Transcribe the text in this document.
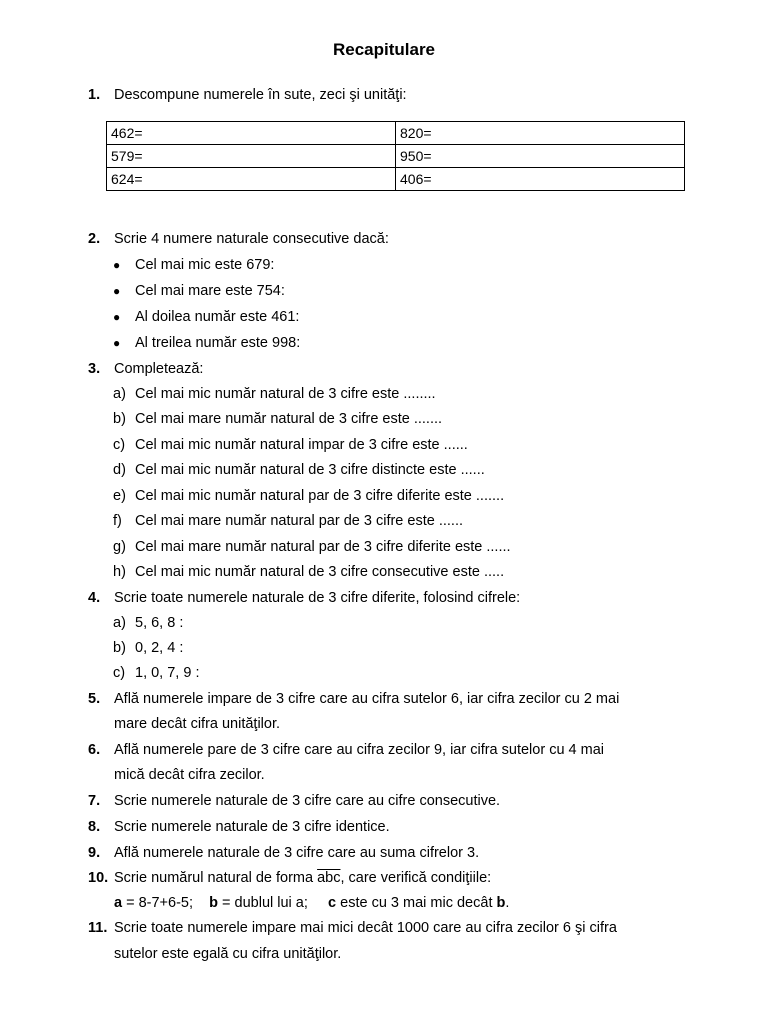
Recapitulare
1. Descompune numerele în sute, zeci şi unităţi:
462=	820=
579=	950=
624=	406=
2. Scrie 4 numere naturale consecutive dacă:
● Cel mai mic este 679:
● Cel mai mare este 754:
● Al doilea număr este 461:
● Al treilea număr este 998:
3. Completează:
a) Cel mai mic număr natural de 3 cifre este ........
b) Cel mai mare număr natural de 3 cifre este .......
c) Cel mai mic număr natural impar de 3 cifre este ......
d) Cel mai mic număr natural de 3 cifre distincte este ......
e) Cel mai mic număr natural par de 3 cifre diferite este .......
f) Cel mai mare număr natural par de 3 cifre este ......
g) Cel mai mare număr natural par de 3 cifre diferite este ......
h) Cel mai mic număr natural de 3 cifre consecutive este .....
4. Scrie toate numerele naturale de 3 cifre diferite, folosind cifrele:
a) 5, 6, 8 :
b) 0, 2, 4 :
c) 1, 0, 7, 9 :
5. Află numerele impare de 3 cifre care au cifra sutelor 6, iar cifra zecilor cu 2 mai
mare decât cifra unităţilor.
6. Află numerele pare de 3 cifre care au cifra zecilor 9, iar cifra sutelor cu 4 mai
mică decât cifra zecilor.
7. Scrie numerele naturale de 3 cifre care au cifre consecutive.
8. Scrie numerele naturale de 3 cifre identice.
9. Află numerele naturale de 3 cifre care au suma cifrelor 3.
10. Scrie numărul natural de forma $\overline{abc}$, care verifică condiţiile:
a = 8-7+6-5; b = dublul lui a; c este cu 3 mai mic decât b.
11. Scrie toate numerele impare mai mici decât 1000 care au cifra zecilor 6 şi cifra
sutelor este egală cu cifra unităţilor.
